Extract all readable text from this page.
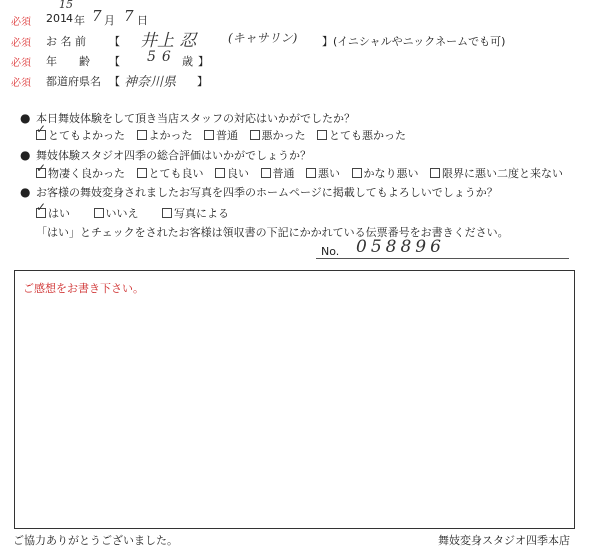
必須 201
15
4 年 7 月 7 日
必須 お 名 前 【 井上 忍	(キャサリン) 】 (イニシャルやニックネームでも可)
必須 年　　齢 【 56 歳 】
必須 都道府県名 【 神奈川県 】
● 本日舞妓体験をして頂き当店スタッフの対応はいかがでしたか？
とてもよかった よかった 普通 悪かった とても悪かった
✓
● 舞妓体験スタジオ四季の総合評価はいかがでしょうか？
物凄く良かった とても良い 良い 普通 悪い かなり悪い 限界に悪い二度と来ない
✓
● お客様の舞妓変身されましたお写真を四季のホームページに掲載してもよろしいでしょうか？
はい	いいえ	写真による
✓
「はい」とチェックをされたお客様は領収書の下記にかかれている伝票番号をお書きください。
No. 058896
ご感想をお書き下さい。
ご協力ありがとうございました。	舞妓変身スタジオ四季本店
